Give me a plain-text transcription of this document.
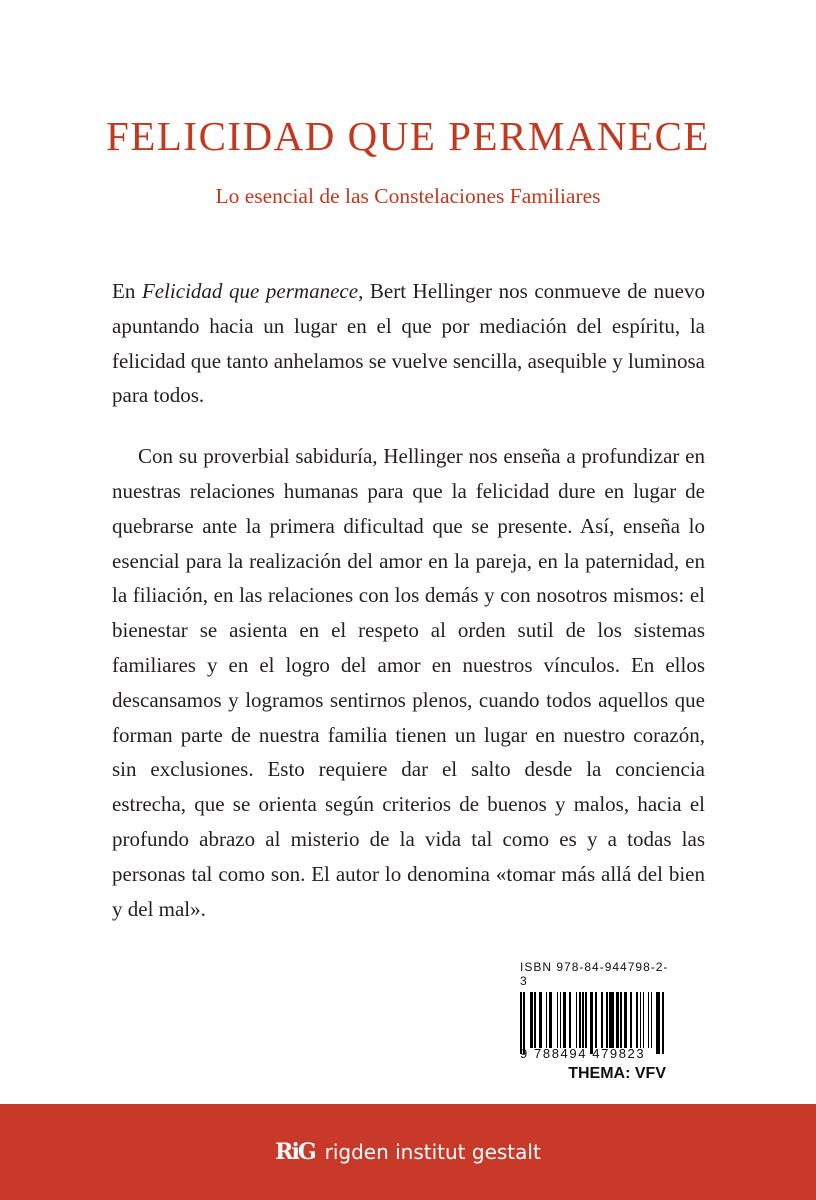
FELICIDAD QUE PERMANECE
Lo esencial de las Constelaciones Familiares

En Felicidad que permanece, Bert Hellinger nos conmueve de nuevo apuntando hacia un lugar en el que por mediación del espíritu, la felicidad que tanto anhelamos se vuelve sencilla, asequible y luminosa para todos.

Con su proverbial sabiduría, Hellinger nos enseña a profundizar en nuestras relaciones humanas para que la felicidad dure en lugar de quebrarse ante la primera dificultad que se presente. Así, enseña lo esencial para la realización del amor en la pareja, en la paternidad, en la filiación, en las relaciones con los demás y con nosotros mismos: el bienestar se asienta en el respeto al orden sutil de los sistemas familiares y en el logro del amor en nuestros vínculos. En ellos descansamos y logramos sentirnos plenos, cuando todos aquellos que forman parte de nuestra familia tienen un lugar en nuestro corazón, sin exclusiones. Esto requiere dar el salto desde la conciencia estrecha, que se orienta según criterios de buenos y malos, hacia el profundo abrazo al misterio de la vida tal como es y a todas las personas tal como son. El autor lo denomina «tomar más allá del bien y del mal».

ISBN 978-84-944798-2-3
9 788494 479823
THEMA: VFV
RiG rigden institut gestalt
